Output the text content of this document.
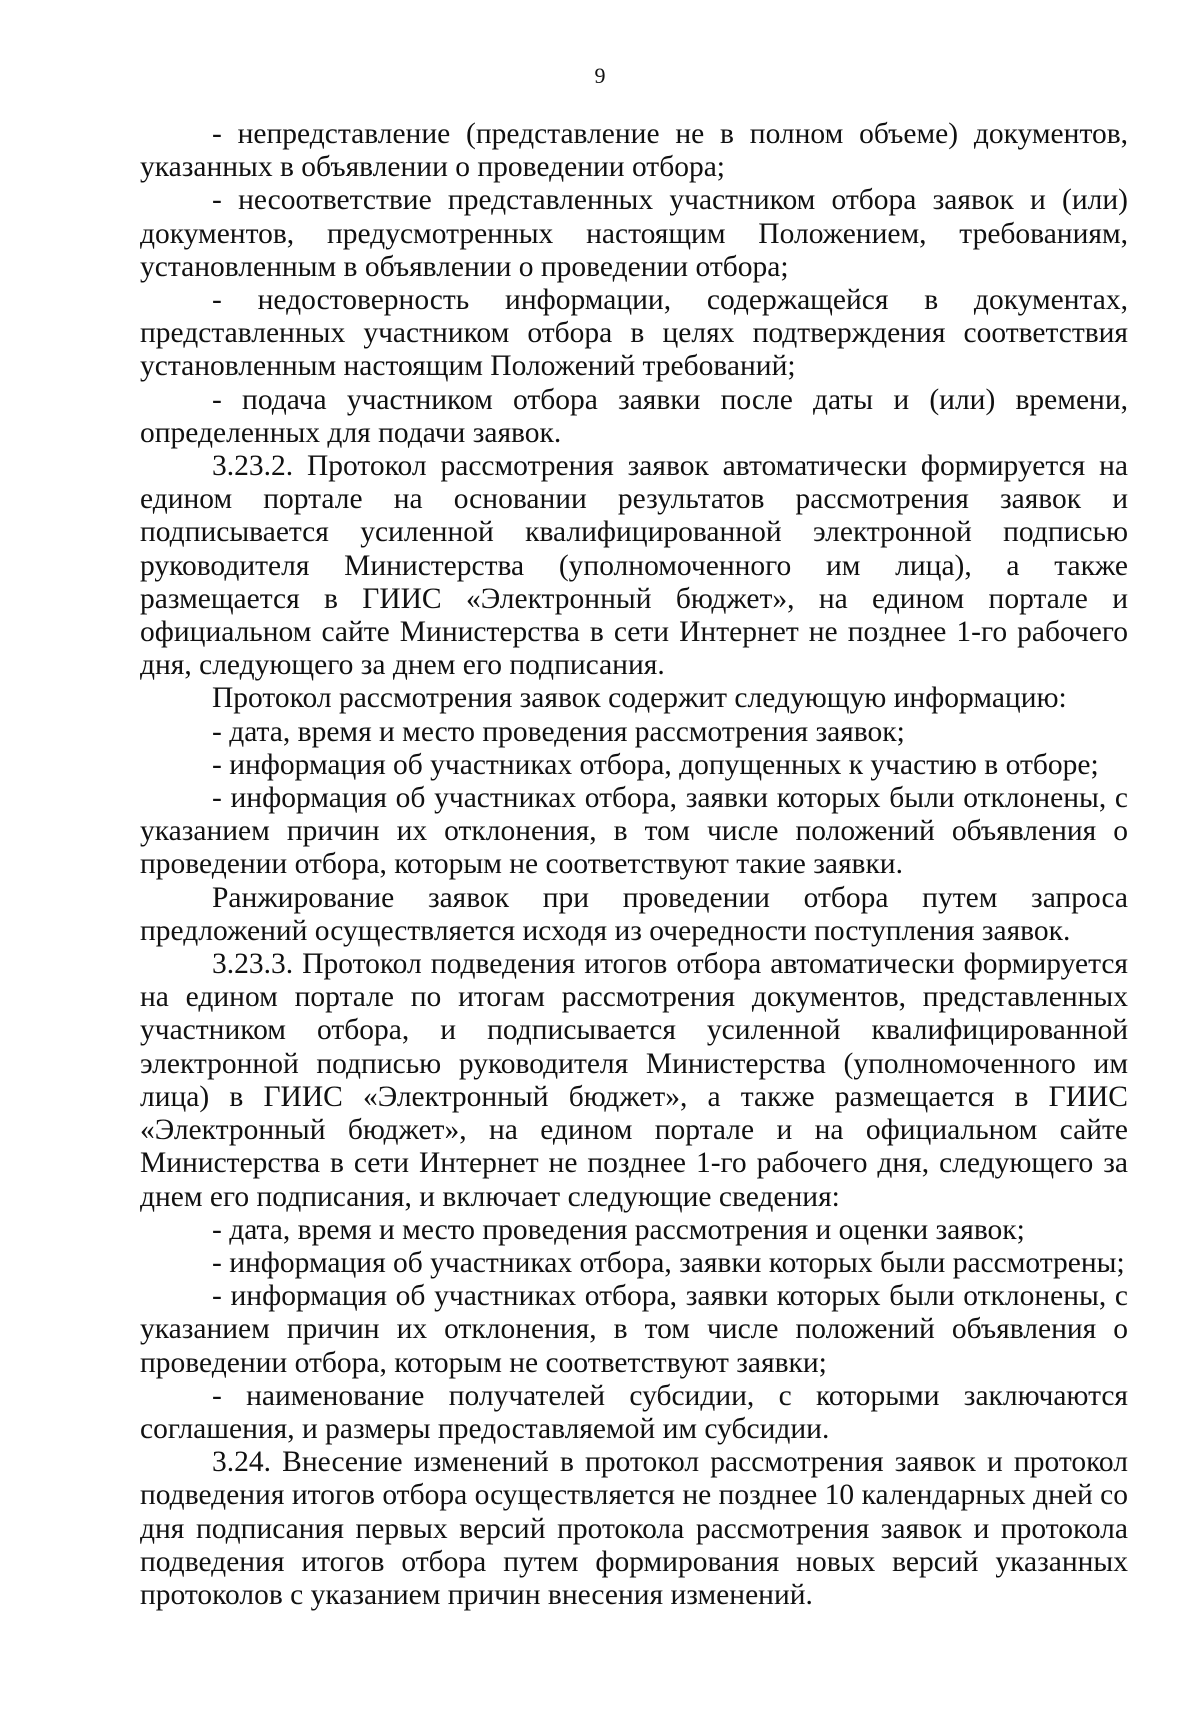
9

- непредставление (представление не в полном объеме) документов, указанных в объявлении о проведении отбора;

- несоответствие представленных участником отбора заявок и (или) документов, предусмотренных настоящим Положением, требованиям, установленным в объявлении о проведении отбора;

- недостоверность информации, содержащейся в документах, представленных участником отбора в целях подтверждения соответствия установленным настоящим Положений требований;

- подача участником отбора заявки после даты и (или) времени, определенных для подачи заявок.

3.23.2. Протокол рассмотрения заявок автоматически формируется на едином портале на основании результатов рассмотрения заявок и подписывается усиленной квалифицированной электронной подписью руководителя Министерства (уполномоченного им лица), а также размещается в ГИИС «Электронный бюджет», на едином портале и официальном сайте Министерства в сети Интернет не позднее 1-го рабочего дня, следующего за днем его подписания.

Протокол рассмотрения заявок содержит следующую информацию:

- дата, время и место проведения рассмотрения заявок;

- информация об участниках отбора, допущенных к участию в отборе;

- информация об участниках отбора, заявки которых были отклонены, с указанием причин их отклонения, в том числе положений объявления о проведении отбора, которым не соответствуют такие заявки.

Ранжирование заявок при проведении отбора путем запроса предложений осуществляется исходя из очередности поступления заявок.

3.23.3. Протокол подведения итогов отбора автоматически формируется на едином портале по итогам рассмотрения документов, представленных участником отбора, и подписывается усиленной квалифицированной электронной подписью руководителя Министерства (уполномоченного им лица) в ГИИС «Электронный бюджет», а также размещается в ГИИС «Электронный бюджет», на едином портале и на официальном сайте Министерства в сети Интернет не позднее 1-го рабочего дня, следующего за днем его подписания, и включает следующие сведения:

- дата, время и место проведения рассмотрения и оценки заявок;

- информация об участниках отбора, заявки которых были рассмотрены;

- информация об участниках отбора, заявки которых были отклонены, с указанием причин их отклонения, в том числе положений объявления о проведении отбора, которым не соответствуют заявки;

- наименование получателей субсидии, с которыми заключаются соглашения, и размеры предоставляемой им субсидии.

3.24. Внесение изменений в протокол рассмотрения заявок и протокол подведения итогов отбора осуществляется не позднее 10 календарных дней со дня подписания первых версий протокола рассмотрения заявок и протокола подведения итогов отбора путем формирования новых версий указанных протоколов с указанием причин внесения изменений.
